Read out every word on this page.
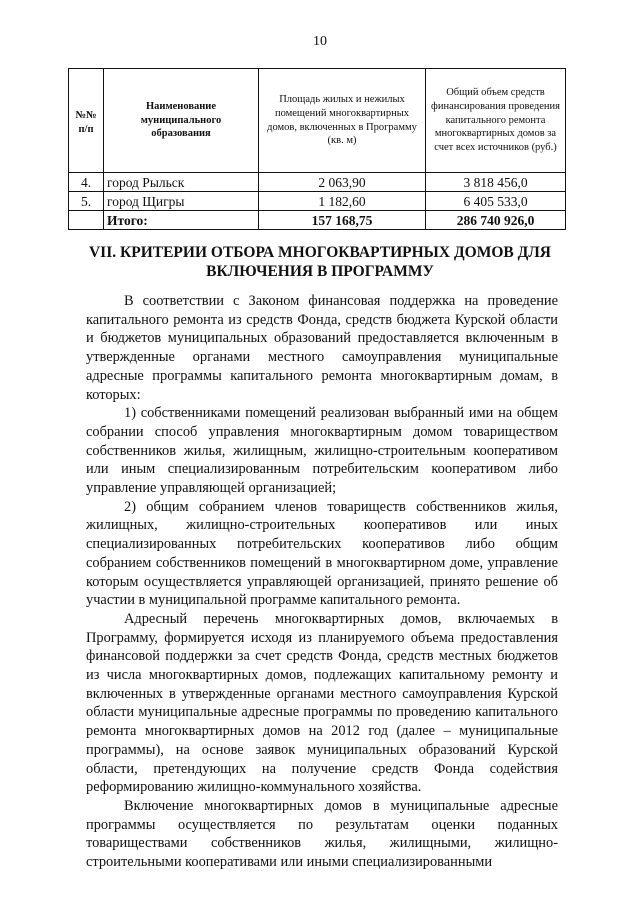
10
№№ п/п	Наименование муниципального образования	Площадь жилых и нежилых помещений многоквартирных домов, включенных в Программу (кв. м)	Общий объем средств финансирования проведения капитального ремонта многоквартирных домов за счет всех источников (руб.)
4.	город Рыльск	2 063,90	3 818 456,0
5.	город Щигры	1 182,60	6 405 533,0
	Итого:	157 168,75	286 740 926,0
VII. КРИТЕРИИ ОТБОРА МНОГОКВАРТИРНЫХ ДОМОВ ДЛЯ ВКЛЮЧЕНИЯ В ПРОГРАММУ

В соответствии с Законом финансовая поддержка на проведение капитального ремонта из средств Фонда, средств бюджета Курской области и бюджетов муниципальных образований предоставляется включенным в утвержденные органами местного самоуправления муниципальные адресные программы капитального ремонта многоквартирным домам, в которых:

1) собственниками помещений реализован выбранный ими на общем собрании способ управления многоквартирным домом товариществом собственников жилья, жилищным, жилищно-строительным кооперативом или иным специализированным потребительским кооперативом либо управление управляющей организацией;

2) общим собранием членов товариществ собственников жилья, жилищных, жилищно-строительных кооперативов или иных специализированных потребительских кооперативов либо общим собранием собственников помещений в многоквартирном доме, управление которым осуществляется управляющей организацией, принято решение об участии в муниципальной программе капитального ремонта.

Адресный перечень многоквартирных домов, включаемых в Программу, формируется исходя из планируемого объема предоставления финансовой поддержки за счет средств Фонда, средств местных бюджетов из числа многоквартирных домов, подлежащих капитальному ремонту и включенных в утвержденные органами местного самоуправления Курской области муниципальные адресные программы по проведению капитального ремонта многоквартирных домов на 2012 год (далее – муниципальные программы), на основе заявок муниципальных образований Курской области, претендующих на получение средств Фонда содействия реформированию жилищно-коммунального хозяйства.

Включение многоквартирных домов в муниципальные адресные программы осуществляется по результатам оценки поданных товариществами собственников жилья, жилищными, жилищно-строительными кооперативами или иными специализированными
